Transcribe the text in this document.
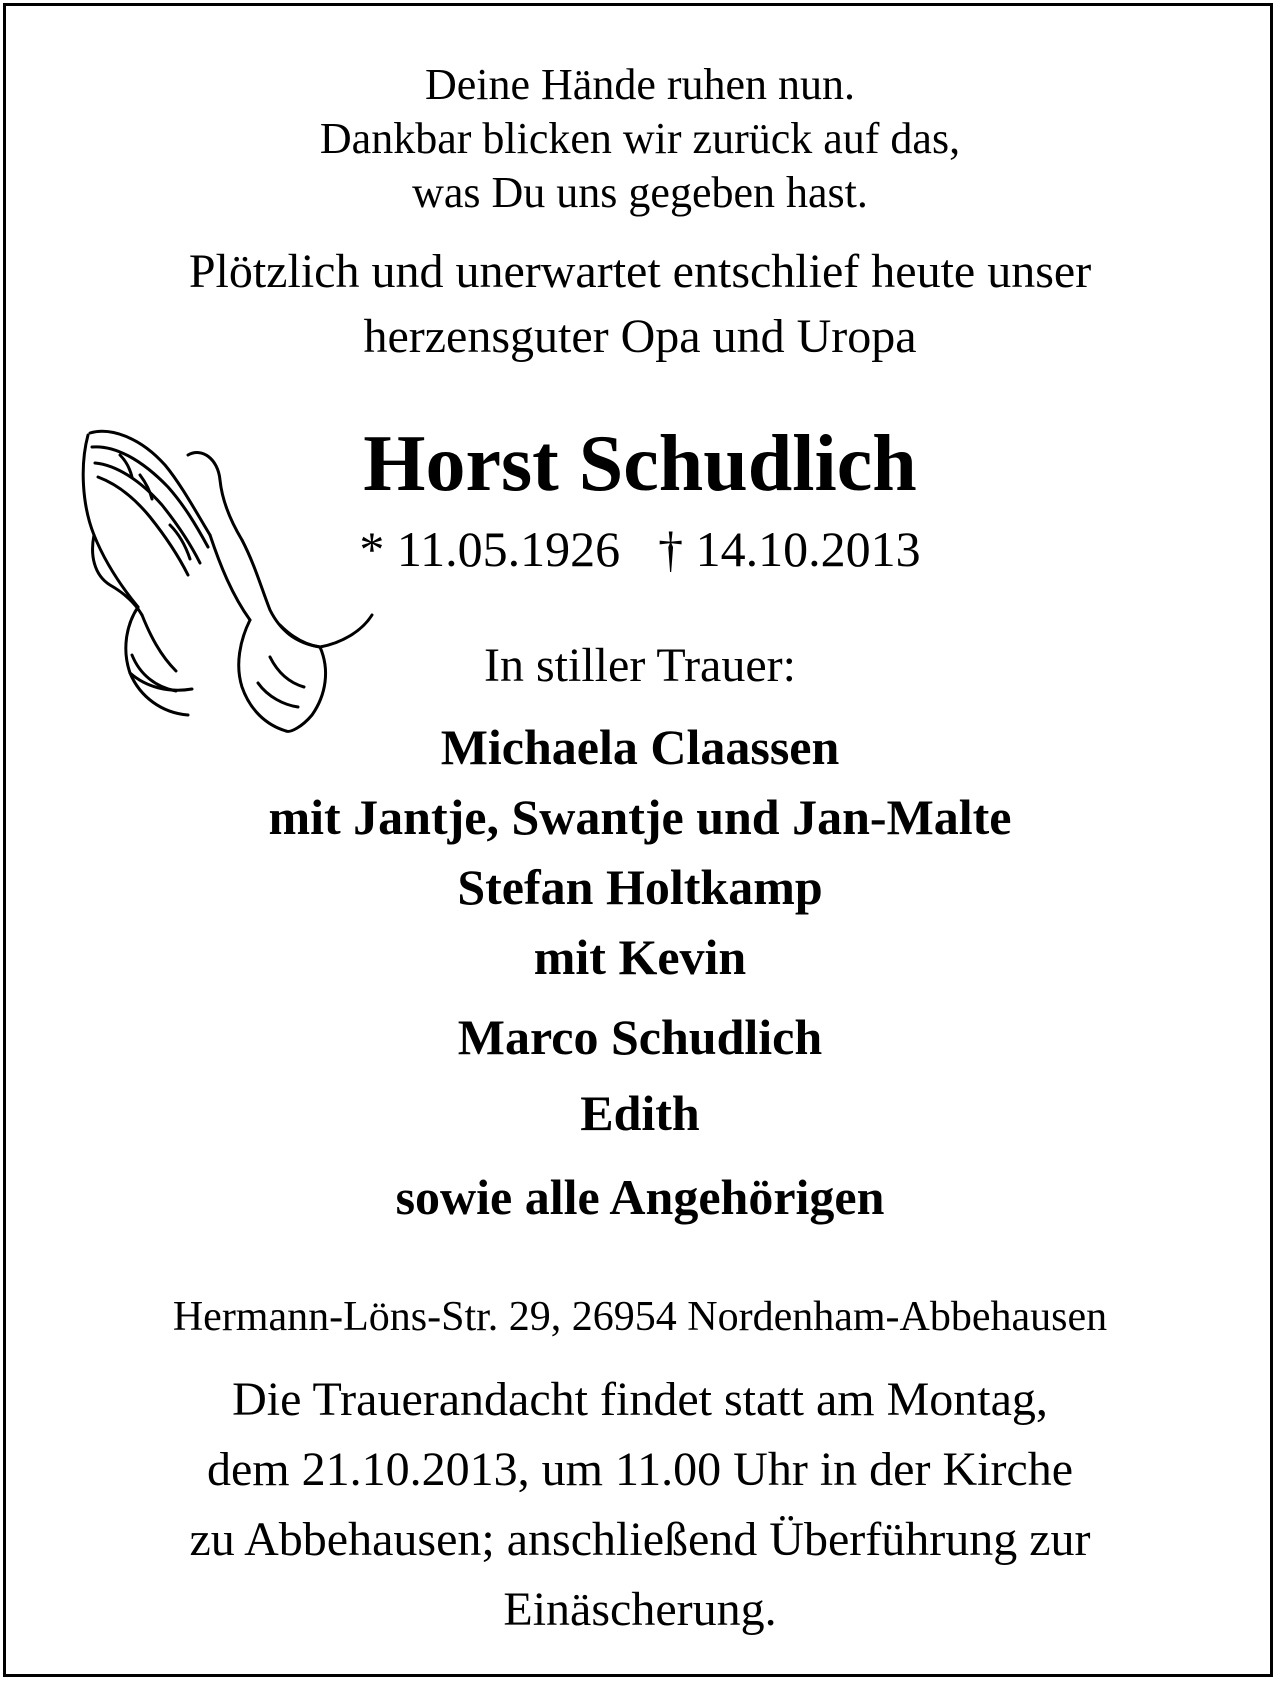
Deine Hände ruhen nun.
Dankbar blicken wir zurück auf das,
was Du uns gegeben hast.
Plötzlich und unerwartet entschlief heute unser
herzensguter Opa und Uropa
Horst Schudlich
* 11.05.1926 † 14.10.2013
In stiller Trauer:
Michaela Claassen
mit Jantje, Swantje und Jan-Malte
Stefan Holtkamp
mit Kevin
Marco Schudlich
Edith
sowie alle Angehörigen
Hermann-Löns-Str. 29, 26954 Nordenham-Abbehausen
Die Trauerandacht findet statt am Montag,
dem 21.10.2013, um 11.00 Uhr in der Kirche
zu Abbehausen; anschließend Überführung zur
Einäscherung.
